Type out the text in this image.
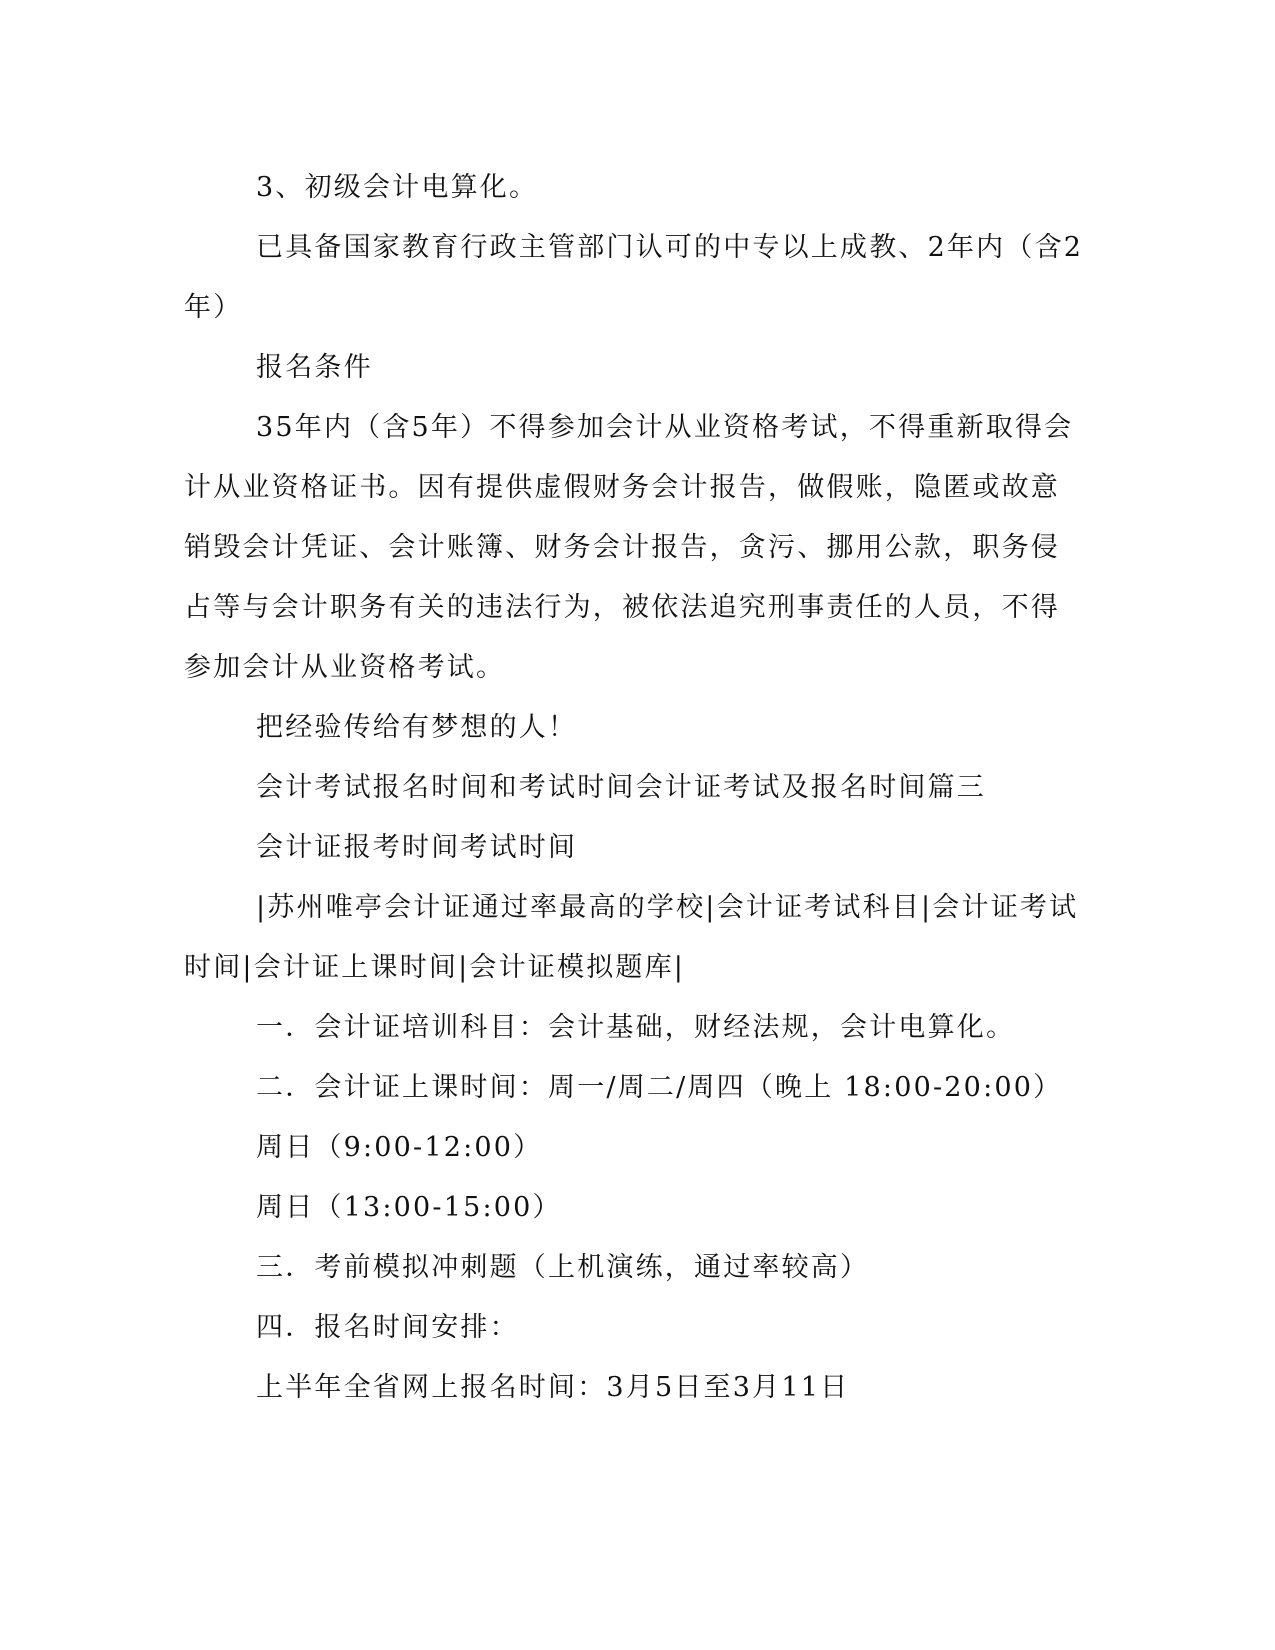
3、初级会计电算化。

已具备国家教育行政主管部门认可的中专以上成教、2年内（含2年）

报名条件

35年内（含5年）不得参加会计从业资格考试，不得重新取得会计从业资格证书。因有提供虚假财务会计报告，做假账，隐匿或故意销毁会计凭证、会计账簿、财务会计报告，贪污、挪用公款，职务侵占等与会计职务有关的违法行为，被依法追究刑事责任的人员，不得参加会计从业资格考试。

把经验传给有梦想的人！

会计考试报名时间和考试时间会计证考试及报名时间篇三

会计证报考时间考试时间

|苏州唯亭会计证通过率最高的学校|会计证考试科目|会计证考试时间|会计证上课时间|会计证模拟题库|

一．会计证培训科目：会计基础，财经法规，会计电算化。

二．会计证上课时间：周一/周二/周四（晚上 18:00-20:00）

周日（9:00-12:00）

周日（13:00-15:00）

三．考前模拟冲刺题（上机演练，通过率较高）

四．报名时间安排：

上半年全省网上报名时间：3月5日至3月11日
